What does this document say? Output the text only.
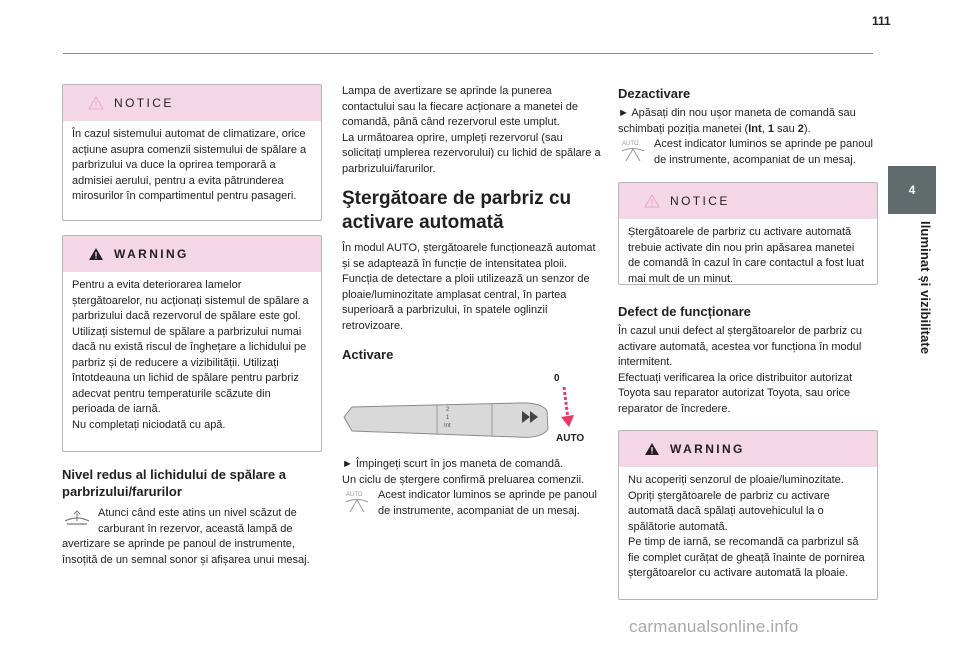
111
4
Iluminat și vizibilitate
NOTICE
În cazul sistemului automat de climatizare, orice acțiune asupra comenzii sistemului de spălare a parbrizului va duce la oprirea temporară a admisiei aerului, pentru a evita pătrunderea mirosurilor în compartimentul pentru pasageri.
WARNING
Pentru a evita deteriorarea lamelor ștergătoarelor, nu acționați sistemul de spălare a parbrizului dacă rezervorul de spălare este gol.
Utilizați sistemul de spălare a parbrizului numai dacă nu există riscul de înghețare a lichidului pe parbriz și de reducere a vizibilității. Utilizați întotdeauna un lichid de spălare pentru parbriz adecvat pentru temperaturile scăzute din perioada de iarnă.
Nu completați niciodată cu apă.
Nivel redus al lichidului de spălare a parbrizului/farurilor

Atunci când este atins un nivel scăzut de carburant în rezervor, această lampă de avertizare se aprinde pe panoul de instrumente, însoțită de un semnal sonor și afișarea unui mesaj.

Lampa de avertizare se aprinde la punerea contactului sau la fiecare acționare a manetei de comandă, până când rezervorul este umplut.

La următoarea oprire, umpleți rezervorul (sau solicitați umplerea rezervorului) cu lichid de spălare a parbrizului/farurilor.

Ştergătoare de parbriz cu activare automată

În modul AUTO, ștergătoarele funcționează automat și se adaptează în funcție de intensitatea ploii.

Funcția de detectare a ploii utilizează un senzor de ploaie/luminozitate amplasat central, în partea superioară a parbrizului, în spatele oglinzii retrovizoare.

Activare
2
1
Int
0
AUTO

► Împingeți scurt în jos maneta de comandă.

Un ciclu de ștergere confirmă preluarea comenzii.

AUTO	Acest indicator luminos se aprinde pe panoul de instrumente, acompaniat de un mesaj.

Dezactivare

► Apăsați din nou ușor maneta de comandă sau schimbați poziția manetei (Int, 1 sau 2).

AUTO	Acest indicator luminos se aprinde pe panoul de instrumente, acompaniat de un mesaj.

NOTICE
Ștergătoarele de parbriz cu activare automată trebuie activate din nou prin apăsarea manetei de comandă în cazul în care contactul a fost luat mai mult de un minut.
Defect de funcționare

În cazul unui defect al ștergătoarelor de parbriz cu activare automată, acestea vor funcționa în modul intermitent.

Efectuați verificarea la orice distribuitor autorizat Toyota sau reparator autorizat Toyota, sau orice reparator de încredere.

WARNING
Nu acoperiți senzorul de ploaie/luminozitate.
Opriți ștergătoarele de parbriz cu activare automată dacă spălați autovehiculul la o spălătorie automată.
Pe timp de iarnă, se recomandă ca parbrizul să fie complet curățat de gheață înainte de pornirea ștergătoarelor cu activare automată la ploaie.
carmanualsonline.info
